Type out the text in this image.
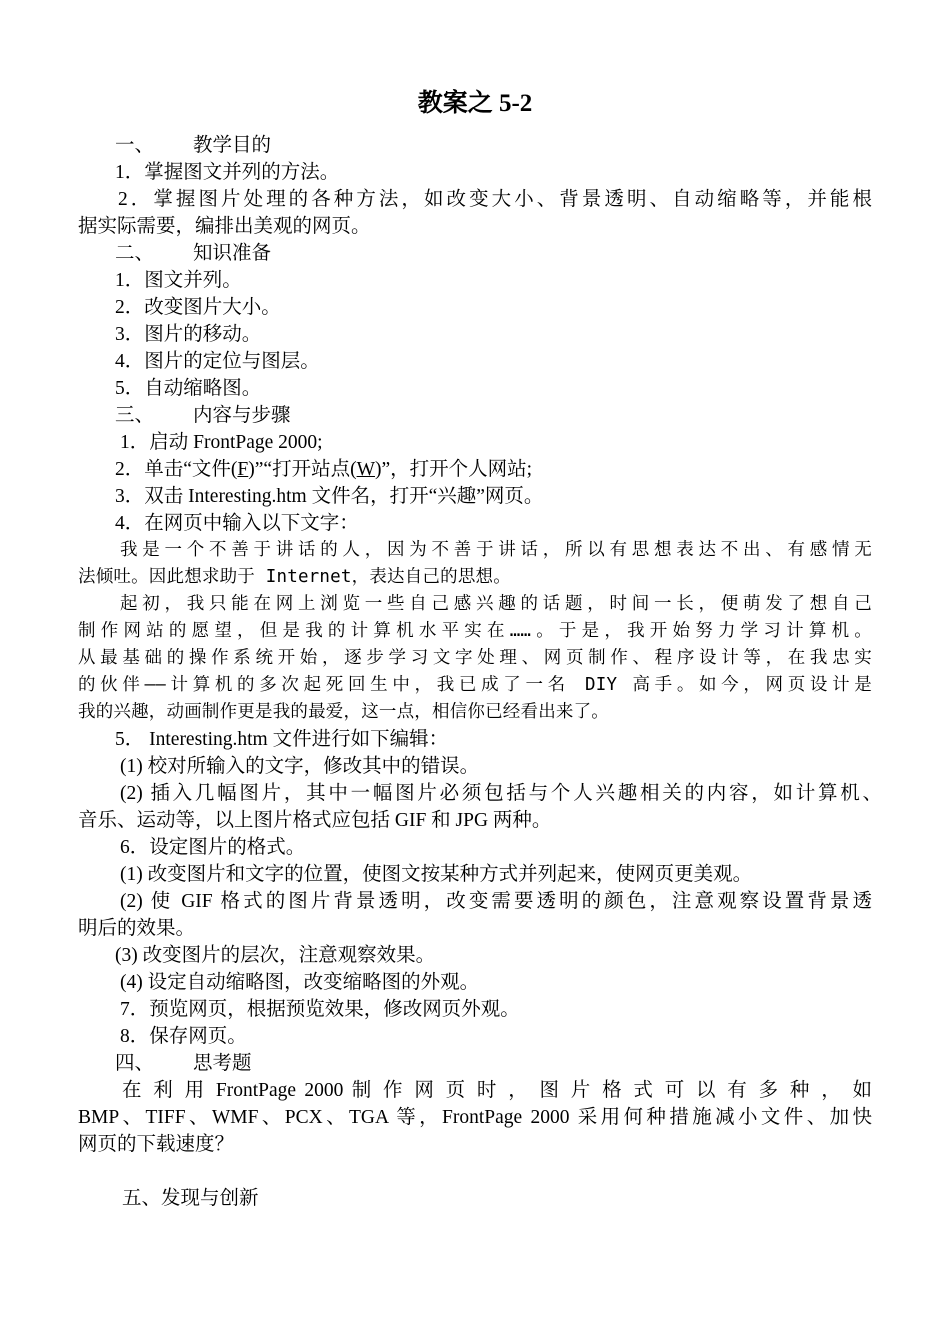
教案之 5-2
一、 教学目的
1．掌握图文并列的方法。
2．掌握图片处理的各种方法，如改变大小、背景透明、自动缩略等，并能根
据实际需要，编排出美观的网页。
二、 知识准备
1．图文并列。
2．改变图片大小。
3．图片的移动。
4．图片的定位与图层。
5．自动缩略图。
三、 内容与步骤
1．启动 FrontPage 2000;
2．单击“文件(F)”“打开站点(W)”，打开个人网站;
3．双击 Interesting.htm 文件名，打开“兴趣”网页。
4．在网页中输入以下文字：
我是一个不善于讲话的人，因为不善于讲话，所以有思想表达不出、有感情无
法倾吐。因此想求助于 Internet，表达自己的思想。
起初，我只能在网上浏览一些自己感兴趣的话题，时间一长，便萌发了想自己
制作网站的愿望，但是我的计算机水平实在……。于是，我开始努力学习计算机。
从最基础的操作系统开始，逐步学习文字处理、网页制作、程序设计等，在我忠实
的伙伴——计算机的多次起死回生中，我已成了一名 DIY 高手。如今，网页设计是
我的兴趣，动画制作更是我的最爱，这一点，相信你已经看出来了。
5． Interesting.htm 文件进行如下编辑：
(1) 校对所输入的文字，修改其中的错误。
(2) 插入几幅图片，其中一幅图片必须包括与个人兴趣相关的内容，如计算机、
音乐、运动等，以上图片格式应包括 GIF 和 JPG 两种。
6．设定图片的格式。
(1) 改变图片和文字的位置，使图文按某种方式并列起来，使网页更美观。
(2) 使 GIF 格式的图片背景透明，改变需要透明的颜色，注意观察设置背景透
明后的效果。
(3) 改变图片的层次，注意观察效果。
(4) 设定自动缩略图，改变缩略图的外观。
7．预览网页，根据预览效果，修改网页外观。
8．保存网页。
四、 思考题
在 利 用 FrontPage 2000 制 作 网 页 时 ， 图 片 格 式 可 以 有 多 种 ， 如
BMP、TIFF、WMF、PCX、TGA 等，FrontPage 2000 采用何种措施减小文件、加快
网页的下载速度？
五、发现与创新
